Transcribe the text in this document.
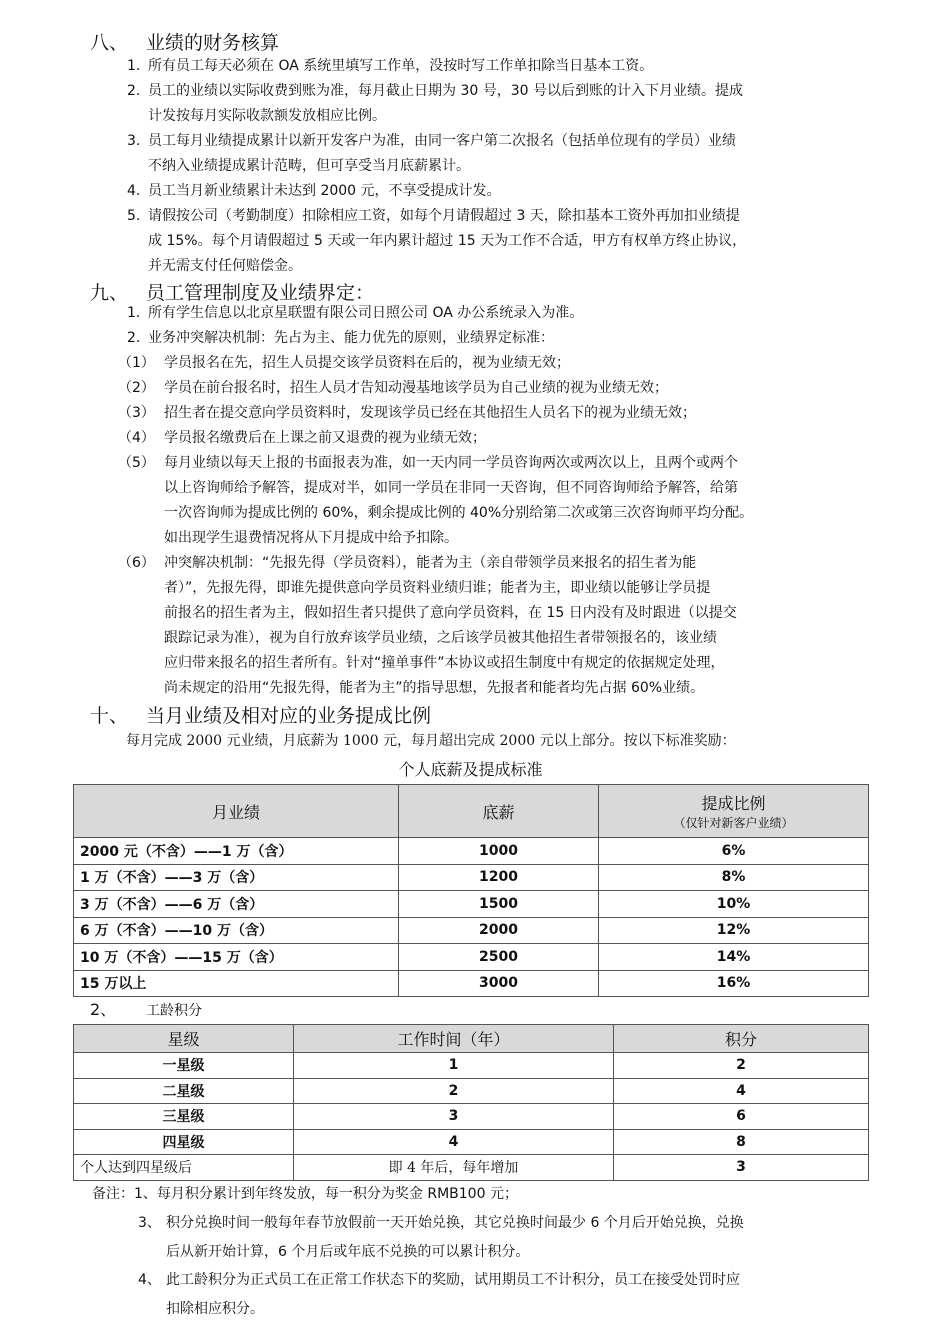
八、 业绩的财务核算
1. 所有员工每天必须在 OA 系统里填写工作单，没按时写工作单扣除当日基本工资。
2. 员工的业绩以实际收费到账为准，每月截止日期为 30 号，30 号以后到账的计入下月业绩。提成
计发按每月实际收款额发放相应比例。
3. 员工每月业绩提成累计以新开发客户为准，由同一客户第二次报名（包括单位现有的学员）业绩
不纳入业绩提成累计范畴，但可享受当月底薪累计。
4. 员工当月新业绩累计未达到 2000 元，不享受提成计发。
5. 请假按公司（考勤制度）扣除相应工资，如每个月请假超过 3 天，除扣基本工资外再加扣业绩提
成 15%。每个月请假超过 5 天或一年内累计超过 15 天为工作不合适，甲方有权单方终止协议，
并无需支付任何赔偿金。
九、 员工管理制度及业绩界定：
1. 所有学生信息以北京星联盟有限公司日照公司 OA 办公系统录入为准。
2. 业务冲突解决机制：先占为主、能力优先的原则，业绩界定标准：
（1） 学员报名在先，招生人员提交该学员资料在后的，视为业绩无效；
（2） 学员在前台报名时，招生人员才告知动漫基地该学员为自己业绩的视为业绩无效；
（3） 招生者在提交意向学员资料时，发现该学员已经在其他招生人员名下的视为业绩无效；
（4） 学员报名缴费后在上课之前又退费的视为业绩无效；
（5） 每月业绩以每天上报的书面报表为准，如一天内同一学员咨询两次或两次以上，且两个或两个
以上咨询师给予解答，提成对半，如同一学员在非同一天咨询，但不同咨询师给予解答，给第
一次咨询师为提成比例的 60%，剩余提成比例的 40%分别给第二次或第三次咨询师平均分配。
如出现学生退费情况将从下月提成中给予扣除。
（6） 冲突解决机制：“先报先得（学员资料），能者为主（亲自带领学员来报名的招生者为能
者）”，先报先得，即谁先提供意向学员资料业绩归谁；能者为主，即业绩以能够让学员提
前报名的招生者为主，假如招生者只提供了意向学员资料，在 15 日内没有及时跟进（以提交
跟踪记录为准），视为自行放弃该学员业绩，之后该学员被其他招生者带领报名的，该业绩
应归带来报名的招生者所有。针对“撞单事件”本协议或招生制度中有规定的依据规定处理，
尚未规定的沿用“先报先得，能者为主”的指导思想，先报者和能者均先占据 60%业绩。
十、 当月业绩及相对应的业务提成比例
每月完成 2000 元业绩，月底薪为 1000 元，每月超出完成 2000 元以上部分。按以下标准奖励：
个人底薪及提成标准
月业绩	底薪	提成比例
（仅针对新客户业绩）

2000 元（不含）——1 万（含）	1000	6%
1 万（不含）——3 万（含）	1200	8%
3 万（不含）——6 万（含）	1500	10%
6 万（不含）——10 万（含）	2000	12%
10 万（不含）——15 万（含）	2500	14%
15 万以上	3000	16%
2、 工龄积分
星级	工作时间（年）	积分
一星级	1	2
二星级	2	4
三星级	3	6
四星级	4	8
个人达到四星级后	即 4 年后，每年增加	3
备注：1、每月积分累计到年终发放，每一积分为奖金 RMB100 元；
3、 积分兑换时间一般每年春节放假前一天开始兑换，其它兑换时间最少 6 个月后开始兑换，兑换
后从新开始计算，6 个月后或年底不兑换的可以累计积分。
4、 此工龄积分为正式员工在正常工作状态下的奖励，试用期员工不计积分，员工在接受处罚时应
扣除相应积分。
